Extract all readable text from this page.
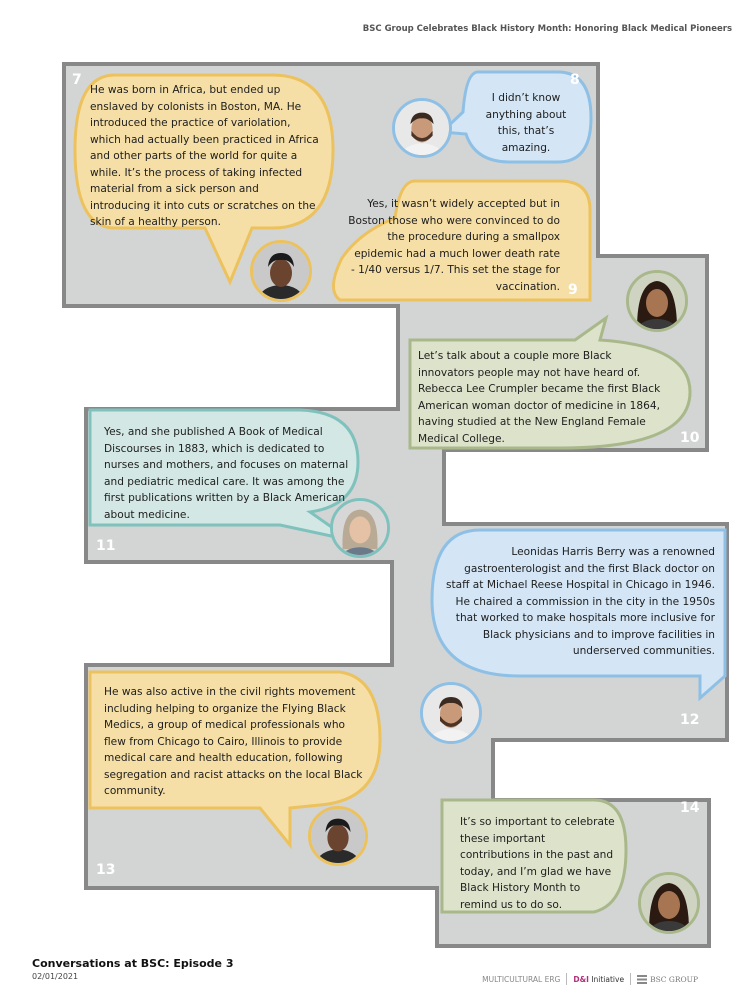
BSC Group Celebrates Black History Month: Honoring Black Medical Pioneers
He was born in Africa, but ended up enslaved by colonists in Boston, MA. He introduced the practice of variolation, which had actually been practiced in Africa and other parts of the world for quite a while. It’s the process of taking infected material from a sick person and introducing it into cuts or scratches on the skin of a healthy person.
I didn’t know anything about this, that’s amazing.
Yes, it wasn’t widely accepted but in Boston those who were convinced to do the procedure during a smallpox epidemic had a much lower death rate - 1/40 versus 1/7. This set the stage for vaccination.
Let’s talk about a couple more Black innovators people may not have heard of. Rebecca Lee Crumpler became the first Black American woman doctor of medicine in 1864, having studied at the New England Female Medical College.
Yes, and she published A Book of Medical Discourses in 1883, which is dedicated to nurses and mothers, and focuses on maternal and pediatric medical care. It was among the first publications written by a Black American about medicine.
Leonidas Harris Berry was a renowned gastroenterologist and the first Black doctor on staff at Michael Reese Hospital in Chicago in 1946. He chaired a commission in the city in the 1950s that worked to make hospitals more inclusive for Black physicians and to improve facilities in underserved communities.
He was also active in the civil rights movement including helping to organize the Flying Black Medics, a group of medical professionals who flew from Chicago to Cairo, Illinois to provide medical care and health education, following segregation and racist attacks on the local Black community.
It’s so important to celebrate these important contributions in the past and today, and I’m glad we have Black History Month to remind us to do so.
7	8
9
10
11
12
13
14
Conversations at BSC: Episode 3
02/01/2021	MULTICULTURAL ERG D&I Initiative	BSC GROUP
